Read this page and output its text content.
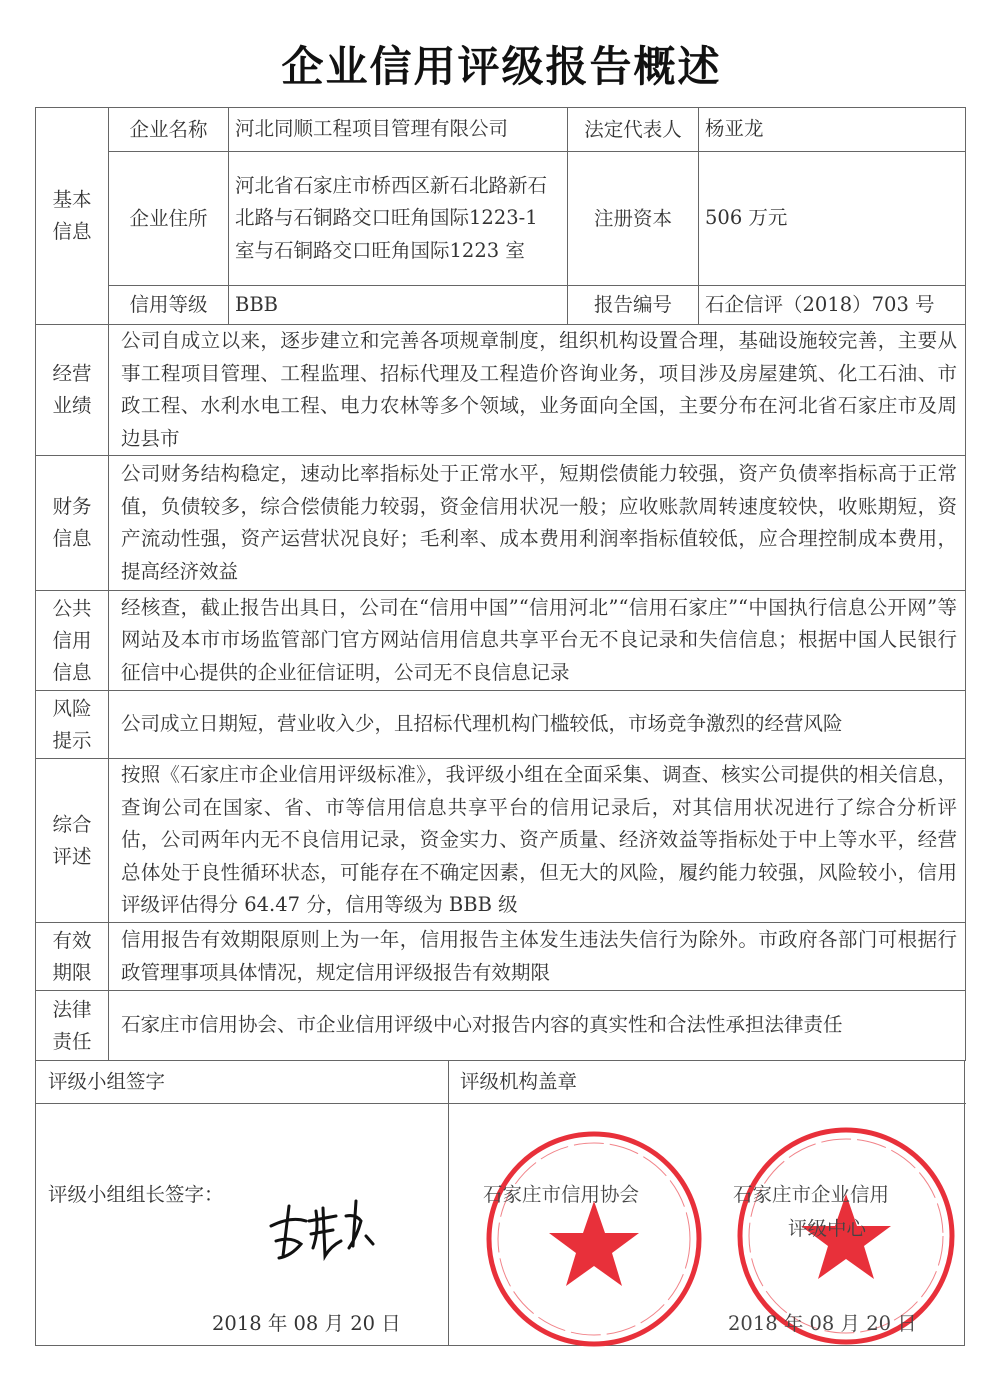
企业信用评级报告概述
基本信息	企业名称	河北同顺工程项目管理有限公司	法定代表人	杨亚龙
	企业住所	河北省石家庄市桥西区新石北路新石北路与石铜路交口旺角国际1223-1 室与石铜路交口旺角国际1223 室	注册资本	506 万元
	信用等级	BBB	报告编号	石企信评（2018）703 号
经营业绩	公司自成立以来，逐步建立和完善各项规章制度，组织机构设置合理，基础设施较完善，主要从事工程项目管理、工程监理、招标代理及工程造价咨询业务，项目涉及房屋建筑、化工石油、市政工程、水利水电工程、电力农林等多个领域，业务面向全国，主要分布在河北省石家庄市及周边县市			
财务信息	公司财务结构稳定，速动比率指标处于正常水平，短期偿债能力较强，资产负债率指标高于正常值，负债较多，综合偿债能力较弱，资金信用状况一般；应收账款周转速度较快，收账期短，资产流动性强，资产运营状况良好；毛利率、成本费用利润率指标值较低，应合理控制成本费用，提高经济效益			
公共信用信息	经核查，截止报告出具日，公司在“信用中国”“信用河北”“信用石家庄”“中国执行信息公开网”等网站及本市市场监管部门官方网站信用信息共享平台无不良记录和失信信息；根据中国人民银行征信中心提供的企业征信证明，公司无不良信息记录			
风险提示	公司成立日期短，营业收入少，且招标代理机构门槛较低，市场竞争激烈的经营风险			
综合评述	按照《石家庄市企业信用评级标准》，我评级小组在全面采集、调查、核实公司提供的相关信息，查询公司在国家、省、市等信用信息共享平台的信用记录后，对其信用状况进行了综合分析评估，公司两年内无不良信用记录，资金实力、资产质量、经济效益等指标处于中上等水平，经营总体处于良性循环状态，可能存在不确定因素，但无大的风险，履约能力较强，风险较小，信用评级评估得分 64.47 分，信用等级为 BBB 级			
有效期限	信用报告有效期限原则上为一年，信用报告主体发生违法失信行为除外。市政府各部门可根据行政管理事项具体情况，规定信用评级报告有效期限			
法律责任	石家庄市信用协会、市企业信用评级中心对报告内容的真实性和合法性承担法律责任			
评级小组签字	评级机构盖章
评级小组组长签字：
2018 年 08 月 20 日
石家庄市信用协会	石家庄市企业信用
评级中心
2018 年 08 月 20 日
